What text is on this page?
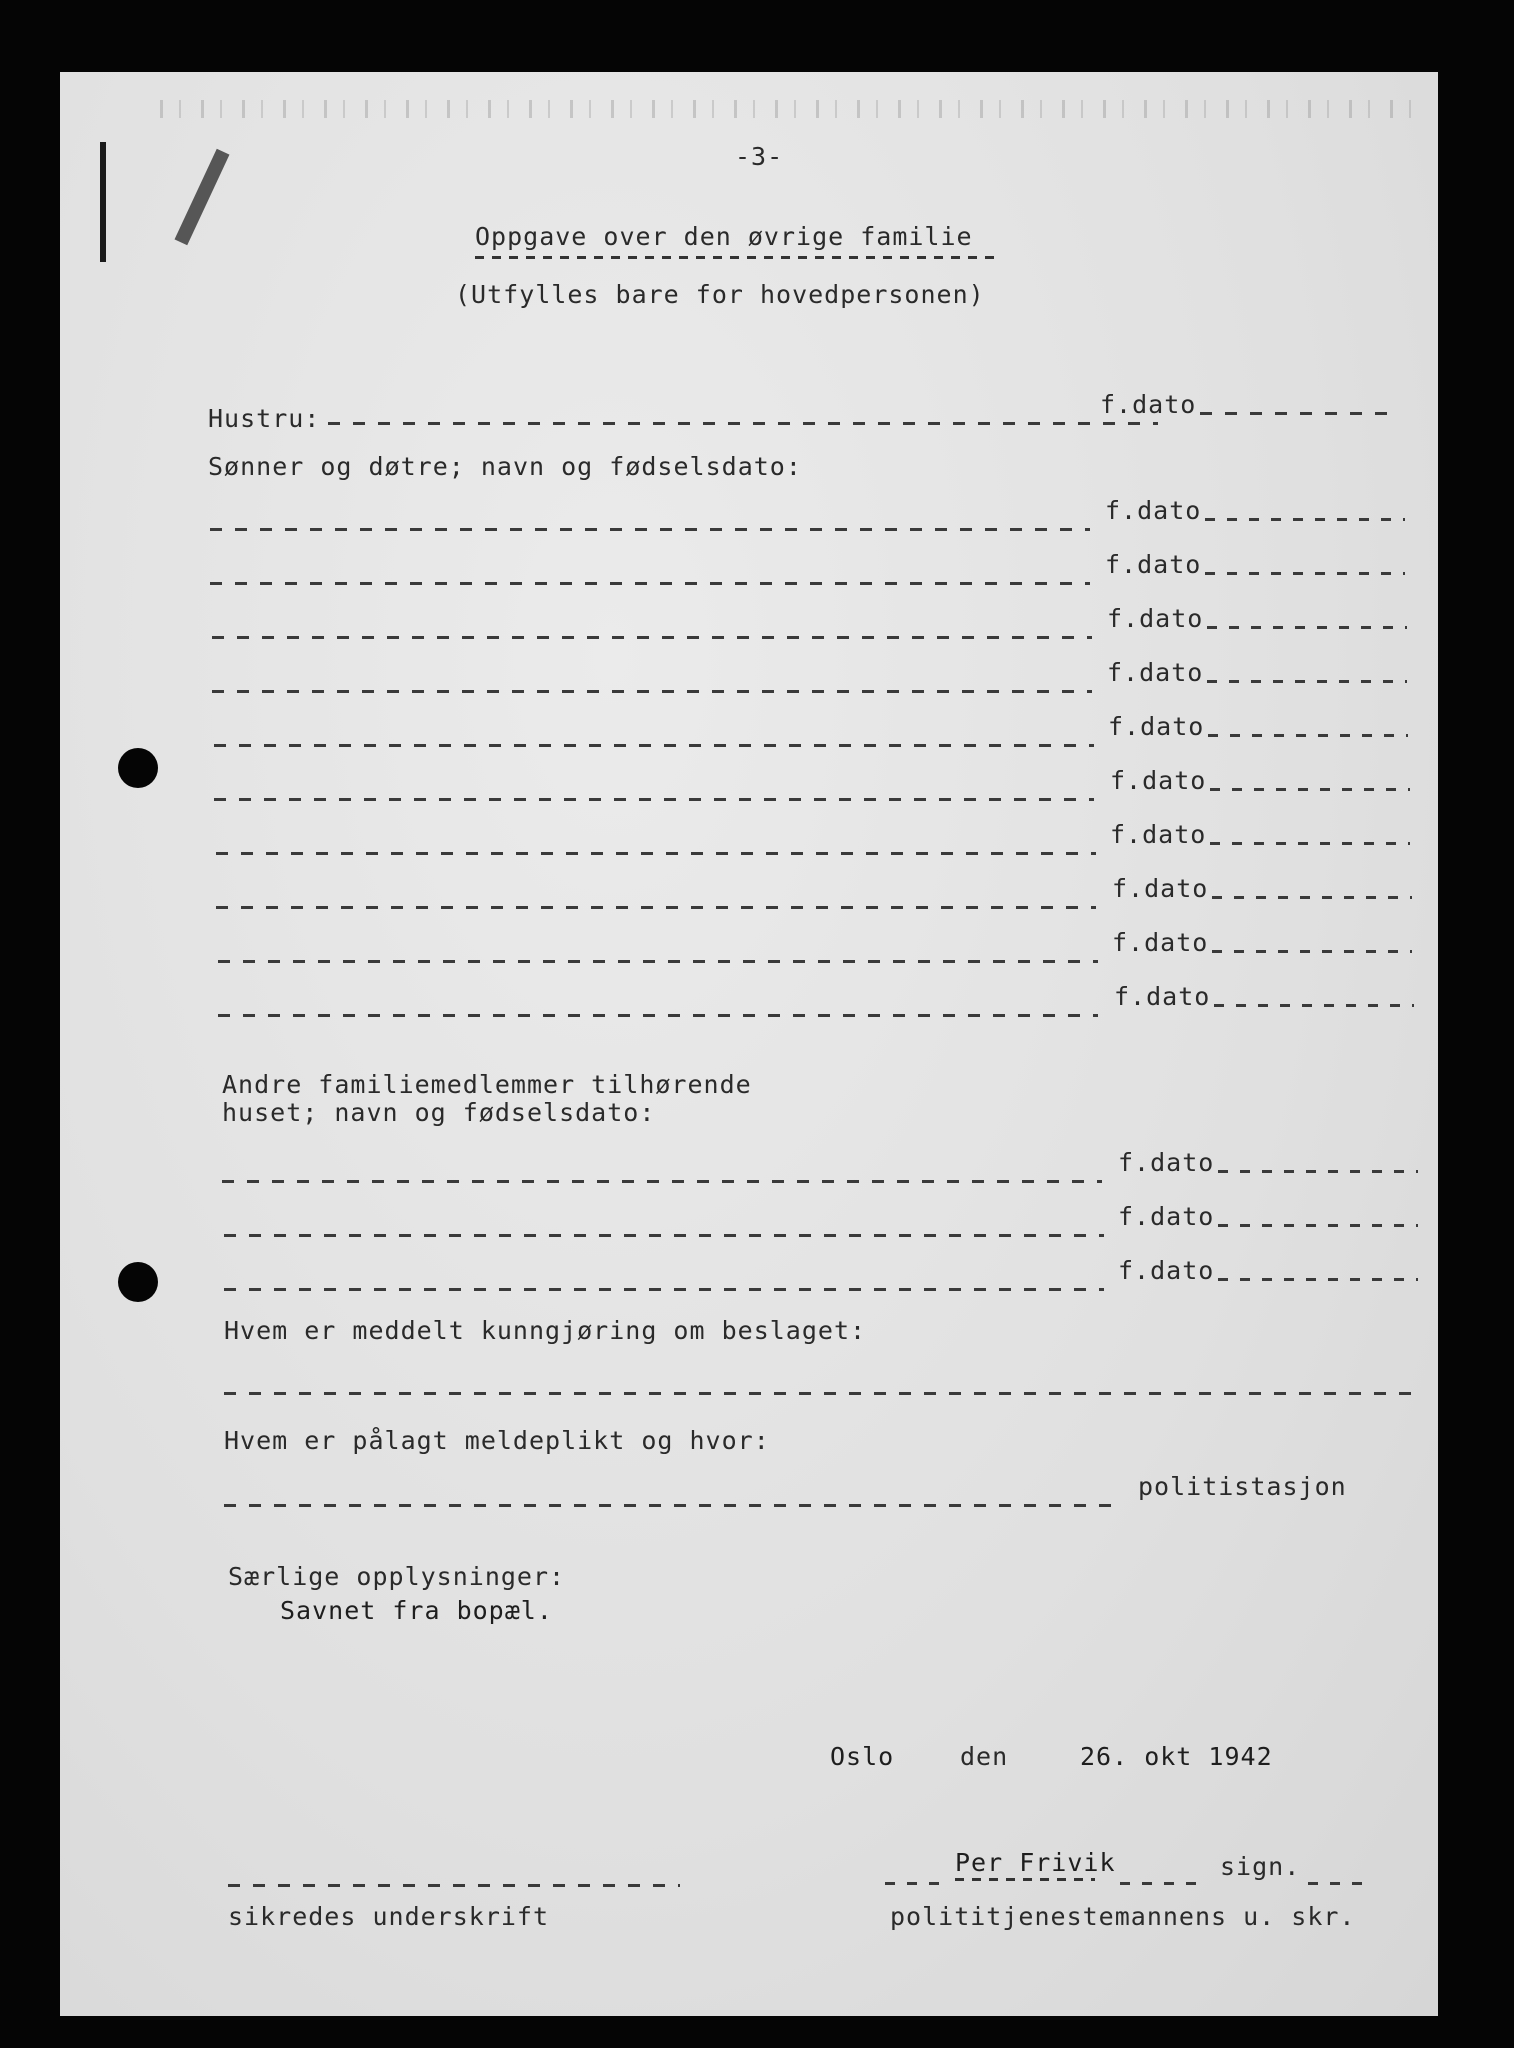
-3-
Oppgave over den øvrige familie
(Utfylles bare for hovedpersonen)
Hustru:	f.dato
Sønner og døtre; navn og fødselsdato:
f.dato
f.dato
f.dato
f.dato
f.dato
f.dato
f.dato
f.dato
f.dato
f.dato
Andre familiemedlemmer tilhørende
huset; navn og fødselsdato:
f.dato
f.dato
f.dato
Hvem er meddelt kunngjøring om beslaget:
Hvem er pålagt meldeplikt og hvor:
politistasjon
Særlige opplysninger:
Savnet fra bopæl.
Oslo	den	26. okt 1942
sikredes underskrift
Per Frivik	sign.
polititjenestemannens u. skr.
